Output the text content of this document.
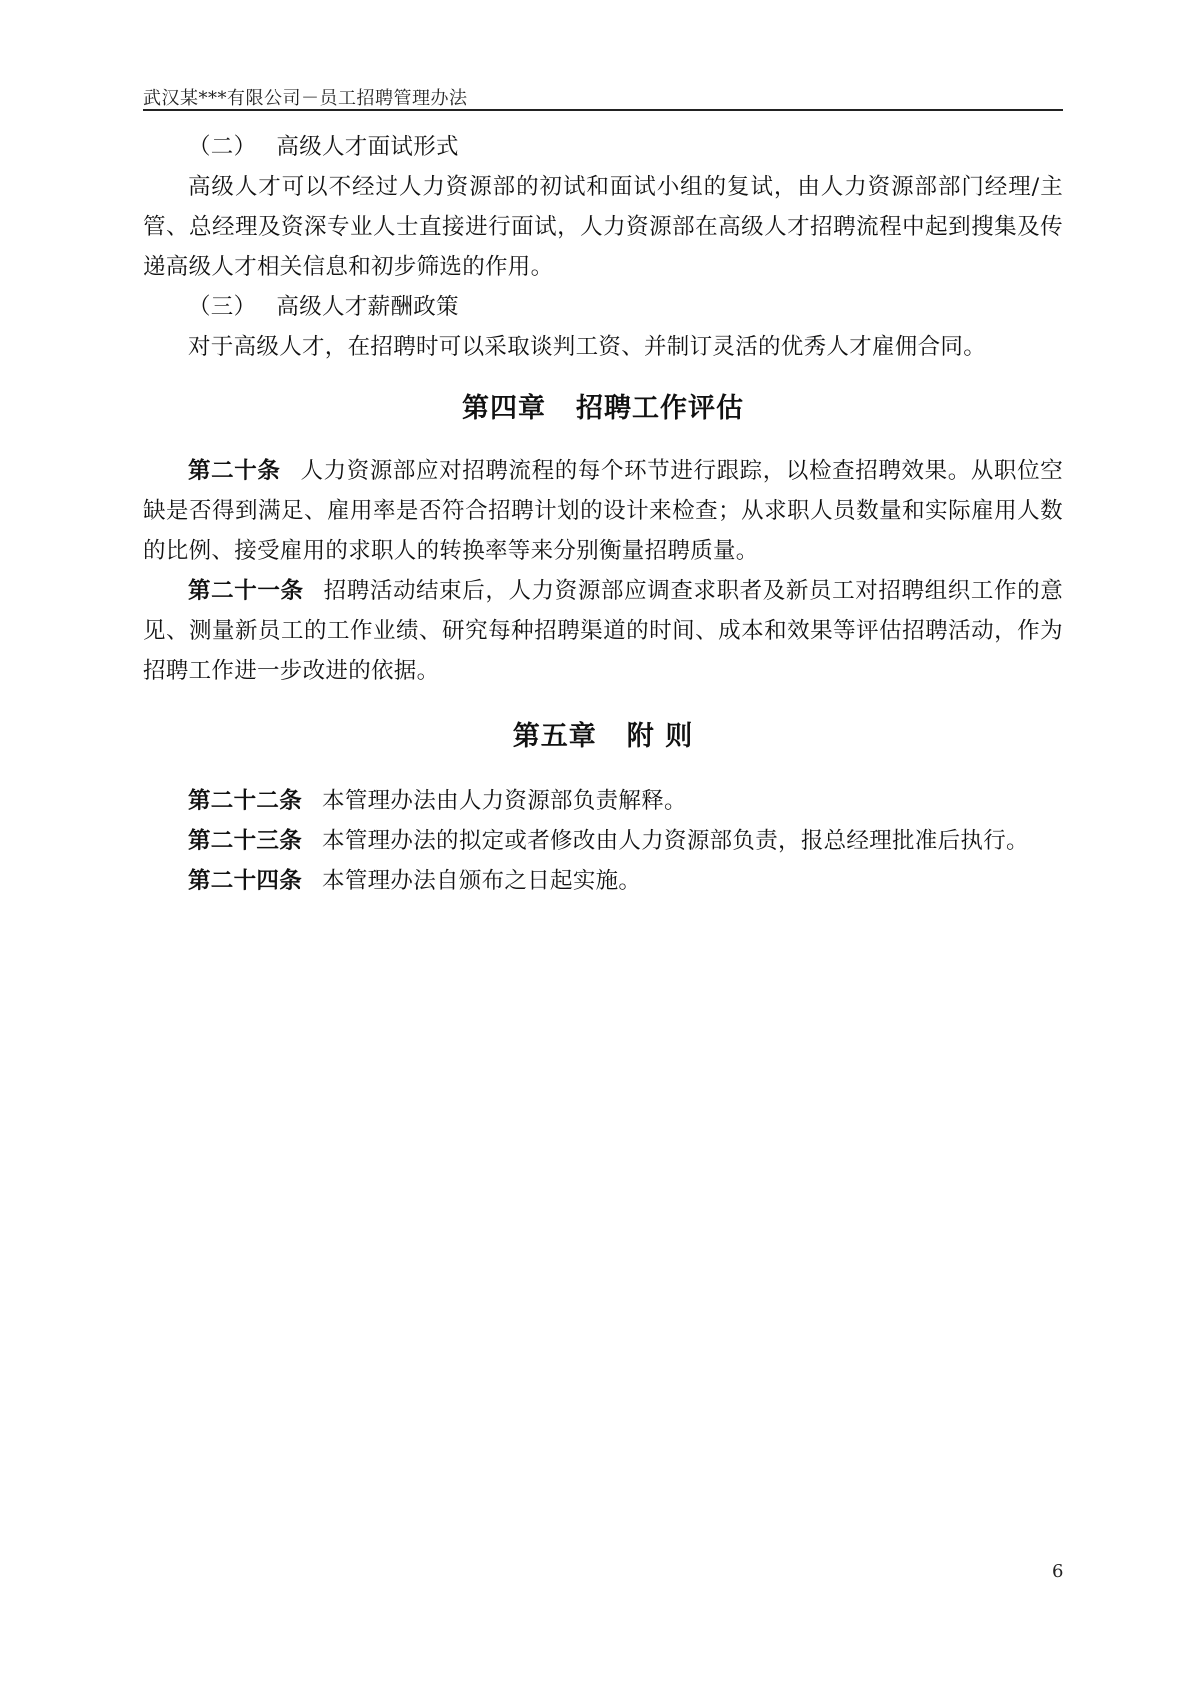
武汉某***有限公司－员工招聘管理办法

（二） 高级人才面试形式

高级人才可以不经过人力资源部的初试和面试小组的复试，由人力资源部部门经理/主管、总经理及资深专业人士直接进行面试，人力资源部在高级人才招聘流程中起到搜集及传递高级人才相关信息和初步筛选的作用。

（三） 高级人才薪酬政策

对于高级人才，在招聘时可以采取谈判工资、并制订灵活的优秀人才雇佣合同。

第四章 招聘工作评估

第二十条 人力资源部应对招聘流程的每个环节进行跟踪，以检查招聘效果。从职位空缺是否得到满足、雇用率是否符合招聘计划的设计来检查；从求职人员数量和实际雇用人数的比例、接受雇用的求职人的转换率等来分别衡量招聘质量。

第二十一条 招聘活动结束后，人力资源部应调查求职者及新员工对招聘组织工作的意见、测量新员工的工作业绩、研究每种招聘渠道的时间、成本和效果等评估招聘活动，作为招聘工作进一步改进的依据。

第五章 附 则

第二十二条 本管理办法由人力资源部负责解释。

第二十三条 本管理办法的拟定或者修改由人力资源部负责，报总经理批准后执行。

第二十四条 本管理办法自颁布之日起实施。

6
